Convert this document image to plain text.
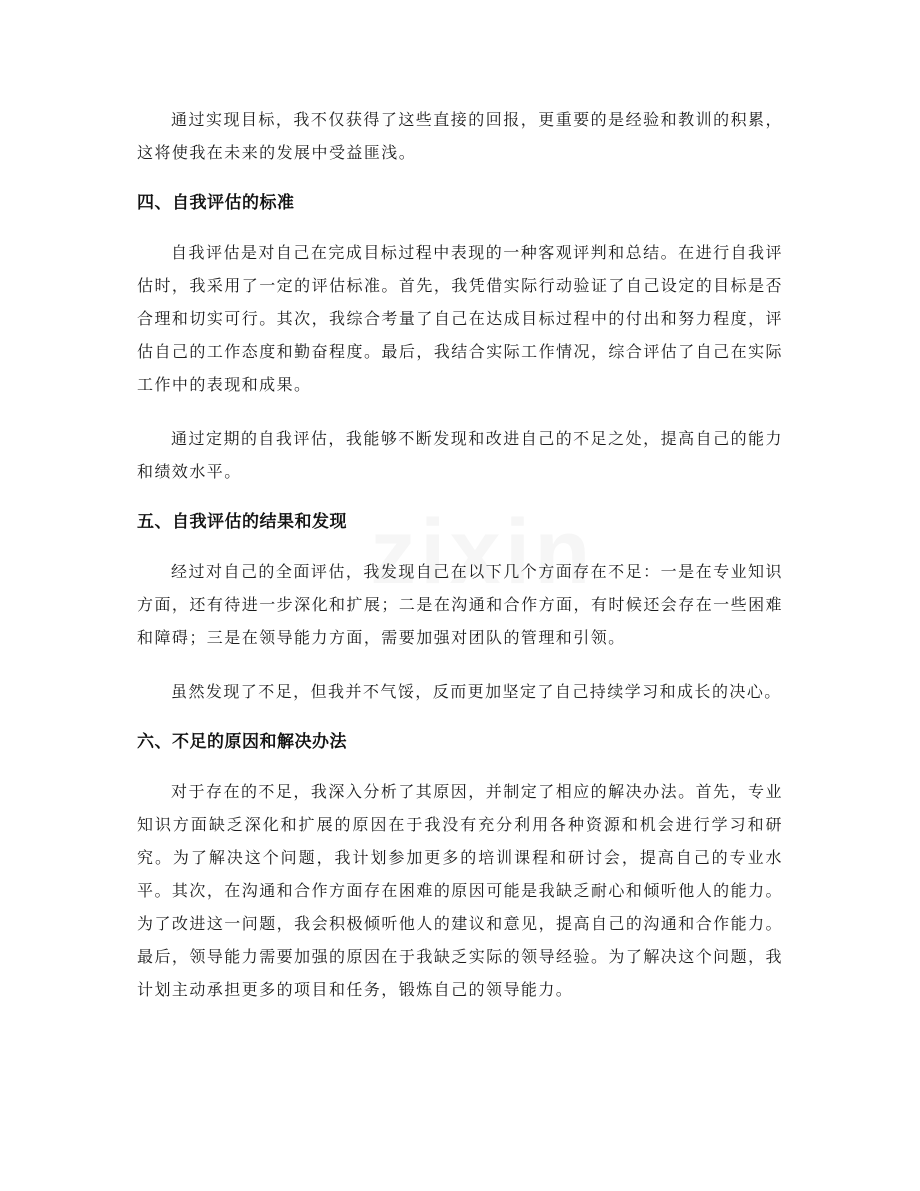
通过实现目标，我不仅获得了这些直接的回报，更重要的是经验和教训的积累，这将使我在未来的发展中受益匪浅。

四、自我评估的标准

自我评估是对自己在完成目标过程中表现的一种客观评判和总结。在进行自我评估时，我采用了一定的评估标准。首先，我凭借实际行动验证了自己设定的目标是否合理和切实可行。其次，我综合考量了自己在达成目标过程中的付出和努力程度，评估自己的工作态度和勤奋程度。最后，我结合实际工作情况，综合评估了自己在实际工作中的表现和成果。

通过定期的自我评估，我能够不断发现和改进自己的不足之处，提高自己的能力和绩效水平。

五、自我评估的结果和发现

经过对自己的全面评估，我发现自己在以下几个方面存在不足：一是在专业知识方面，还有待进一步深化和扩展；二是在沟通和合作方面，有时候还会存在一些困难和障碍；三是在领导能力方面，需要加强对团队的管理和引领。

虽然发现了不足，但我并不气馁，反而更加坚定了自己持续学习和成长的决心。

六、不足的原因和解决办法

对于存在的不足，我深入分析了其原因，并制定了相应的解决办法。首先，专业知识方面缺乏深化和扩展的原因在于我没有充分利用各种资源和机会进行学习和研究。为了解决这个问题，我计划参加更多的培训课程和研讨会，提高自己的专业水平。其次，在沟通和合作方面存在困难的原因可能是我缺乏耐心和倾听他人的能力。为了改进这一问题，我会积极倾听他人的建议和意见，提高自己的沟通和合作能力。最后，领导能力需要加强的原因在于我缺乏实际的领导经验。为了解决这个问题，我计划主动承担更多的项目和任务，锻炼自己的领导能力。
